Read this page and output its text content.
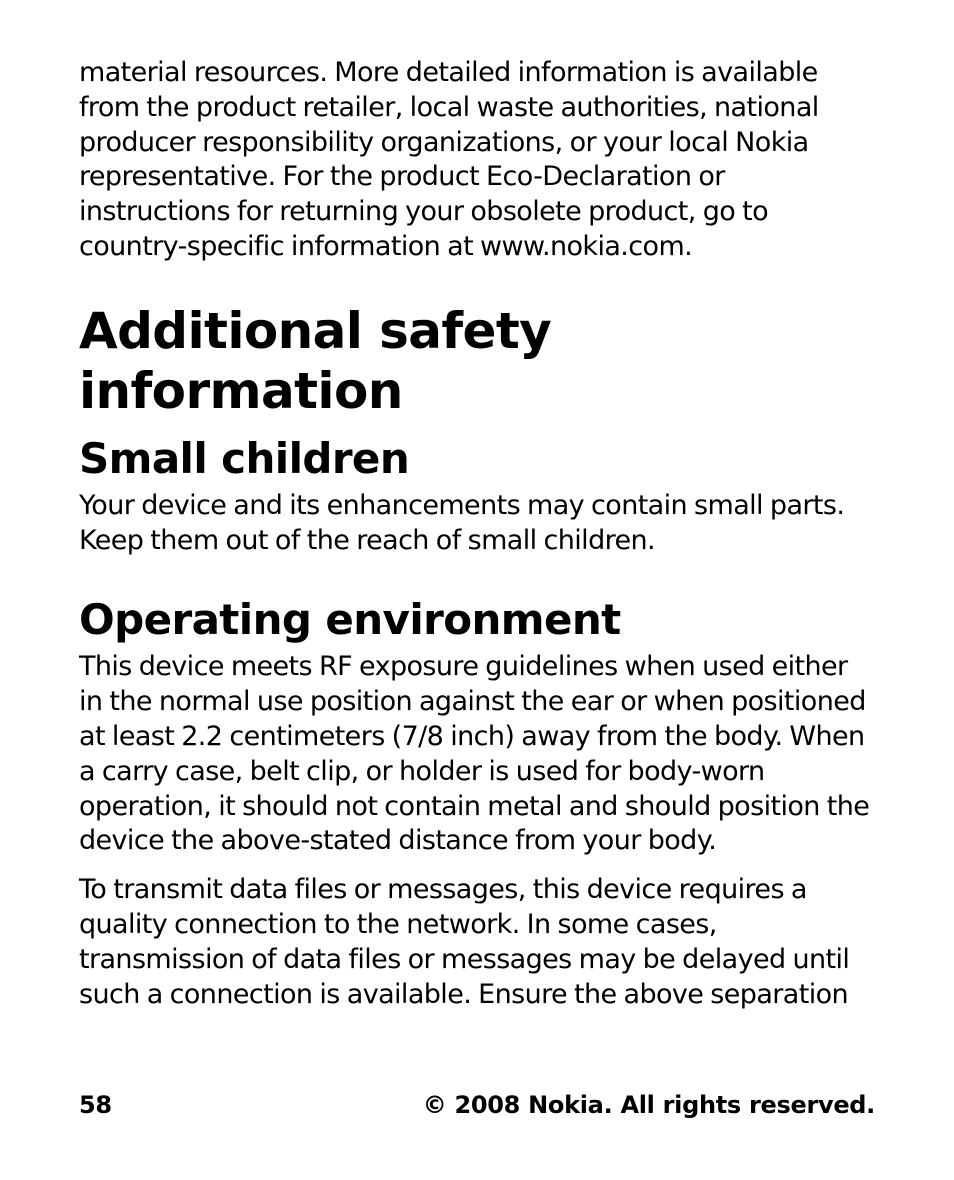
material resources. More detailed information is available from the product retailer, local waste authorities, national producer responsibility organizations, or your local Nokia representative. For the product Eco-Declaration or instructions for returning your obsolete product, go to country-specific information at www.nokia.com.

Additional safety information
Small children

Your device and its enhancements may contain small parts. Keep them out of the reach of small children.

Operating environment

This device meets RF exposure guidelines when used either in the normal use position against the ear or when positioned at least 2.2 centimeters (7/8 inch) away from the body. When a carry case, belt clip, or holder is used for body-worn operation, it should not contain metal and should position the device the above-stated distance from your body.

To transmit data files or messages, this device requires a quality connection to the network. In some cases, transmission of data files or messages may be delayed until such a connection is available. Ensure the above separation

58	© 2008 Nokia. All rights reserved.
